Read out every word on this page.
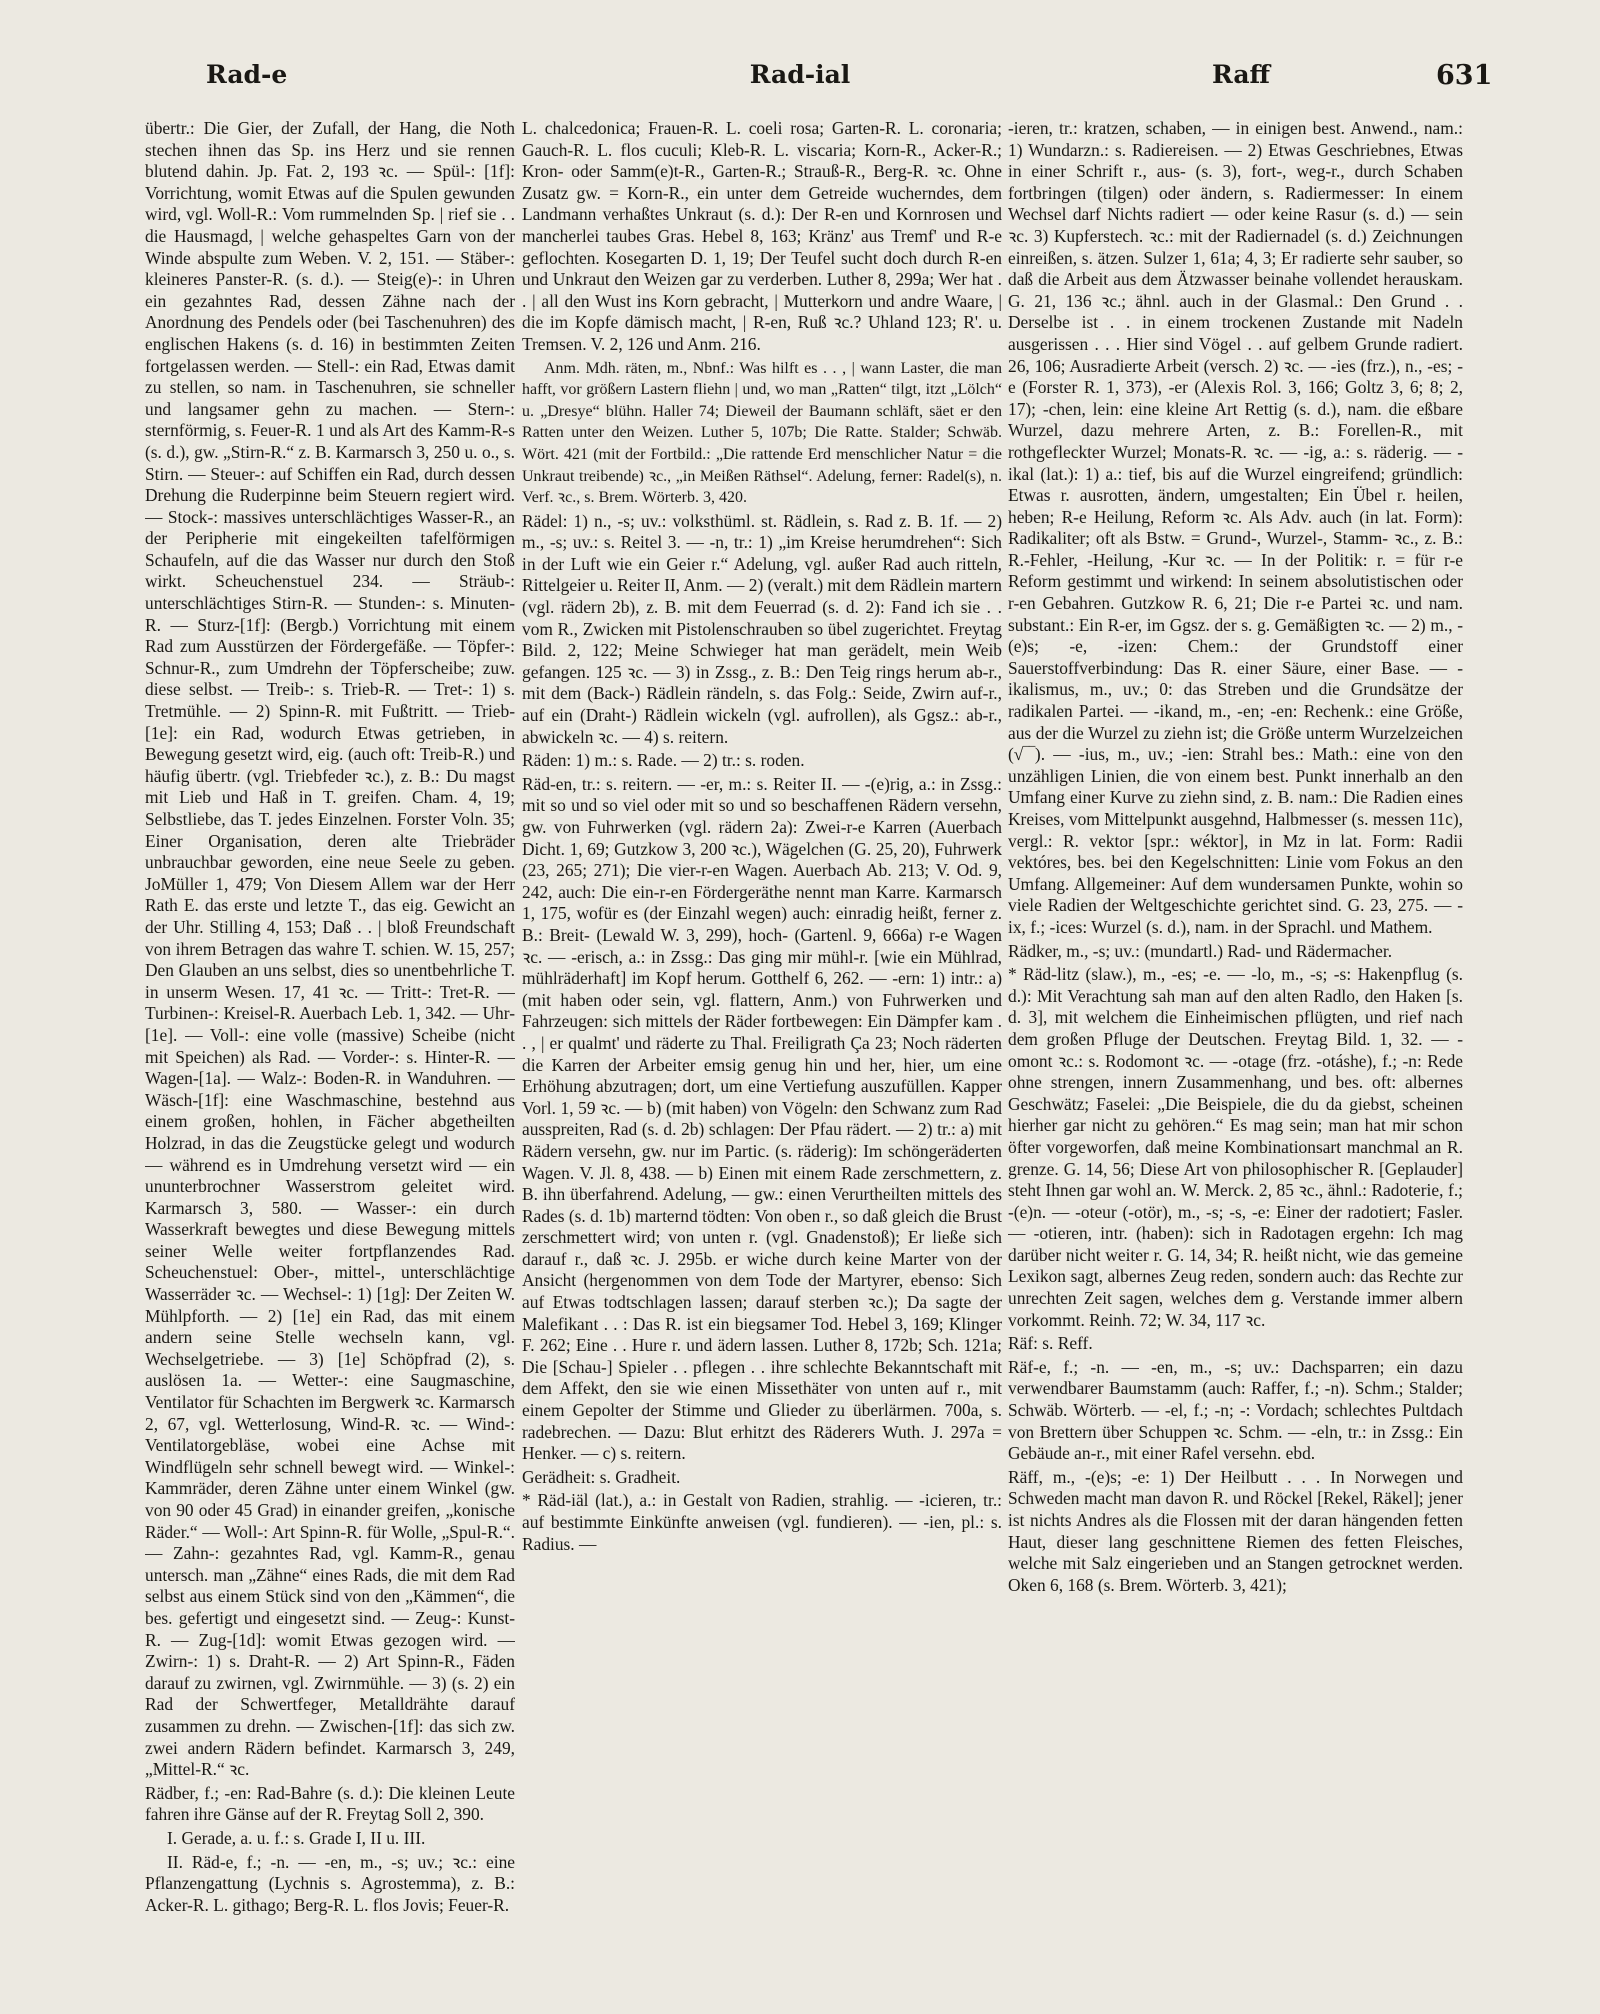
Rad-e	Rad-ial	Raff	631

übertr.: Die Gier, der Zufall, der Hang, die Noth stechen ihnen das Sp. ins Herz und sie rennen blutend dahin. Jp. Fat. 2, 193 ꝛc. — Spül-: [1f]: Vorrichtung, womit Etwas auf die Spulen gewunden wird, vgl. Woll-R.: Vom rummelnden Sp. | rief sie . . die Hausmagd, | welche gehaspeltes Garn von der Winde abspulte zum Weben. V. 2, 151. — Stäber-: kleineres Panster-R. (s. d.). — Steig(e)-: in Uhren ein gezahntes Rad, dessen Zähne nach der Anordnung des Pendels oder (bei Taschenuhren) des englischen Hakens (s. d. 16) in bestimmten Zeiten fortgelassen werden. — Stell-: ein Rad, Etwas damit zu stellen, so nam. in Taschenuhren, sie schneller und langsamer gehn zu machen. — Stern-: sternförmig, s. Feuer-R. 1 und als Art des Kamm-R-s (s. d.), gw. „Stirn-R.“ z. B. Karmarsch 3, 250 u. o., s. Stirn. — Steuer-: auf Schiffen ein Rad, durch dessen Drehung die Ruderpinne beim Steuern regiert wird. — Stock-: massives unterschlächtiges Wasser-R., an der Peripherie mit eingekeilten tafelförmigen Schaufeln, auf die das Wasser nur durch den Stoß wirkt. Scheuchenstuel 234. — Sträub-: unterschlächtiges Stirn-R. — Stunden-: s. Minuten-R. — Sturz-[1f]: (Bergb.) Vorrichtung mit einem Rad zum Ausstürzen der Fördergefäße. — Töpfer-: Schnur-R., zum Umdrehn der Töpferscheibe; zuw. diese selbst. — Treib-: s. Trieb-R. — Tret-: 1) s. Tretmühle. — 2) Spinn-R. mit Fußtritt. — Trieb-[1e]: ein Rad, wodurch Etwas getrieben, in Bewegung gesetzt wird, eig. (auch oft: Treib-R.) und häufig übertr. (vgl. Triebfeder ꝛc.), z. B.: Du magst mit Lieb und Haß in T. greifen. Cham. 4, 19; Selbstliebe, das T. jedes Einzelnen. Forster Voln. 35; Einer Organisation, deren alte Triebräder unbrauchbar geworden, eine neue Seele zu geben. JoMüller 1, 479; Von Diesem Allem war der Herr Rath E. das erste und letzte T., das eig. Gewicht an der Uhr. Stilling 4, 153; Daß . . | bloß Freundschaft von ihrem Betragen das wahre T. schien. W. 15, 257; Den Glauben an uns selbst, dies so unentbehrliche T. in unserm Wesen. 17, 41 ꝛc. — Tritt-: Tret-R. — Turbinen-: Kreisel-R. Auerbach Leb. 1, 342. — Uhr-[1e]. — Voll-: eine volle (massive) Scheibe (nicht mit Speichen) als Rad. — Vorder-: s. Hinter-R. — Wagen-[1a]. — Walz-: Boden-R. in Wanduhren. — Wäsch-[1f]: eine Waschmaschine, bestehnd aus einem großen, hohlen, in Fächer abgetheilten Holzrad, in das die Zeugstücke gelegt und wodurch — während es in Umdrehung versetzt wird — ein ununterbrochner Wasserstrom geleitet wird. Karmarsch 3, 580. — Wasser-: ein durch Wasserkraft bewegtes und diese Bewegung mittels seiner Welle weiter fortpflanzendes Rad. Scheuchenstuel: Ober-, mittel-, unterschlächtige Wasserräder ꝛc. — Wechsel-: 1) [1g]: Der Zeiten W. Mühlpforth. — 2) [1e] ein Rad, das mit einem andern seine Stelle wechseln kann, vgl. Wechselgetriebe. — 3) [1e] Schöpfrad (2), s. auslösen 1a. — Wetter-: eine Saugmaschine, Ventilator für Schachten im Bergwerk ꝛc. Karmarsch 2, 67, vgl. Wetterlosung, Wind-R. ꝛc. — Wind-: Ventilatorgebläse, wobei eine Achse mit Windflügeln sehr schnell bewegt wird. — Winkel-: Kammräder, deren Zähne unter einem Winkel (gw. von 90 oder 45 Grad) in einander greifen, „konische Räder.“ — Woll-: Art Spinn-R. für Wolle, „Spul-R.“. — Zahn-: gezahntes Rad, vgl. Kamm-R., genau untersch. man „Zähne“ eines Rads, die mit dem Rad selbst aus einem Stück sind von den „Kämmen“, die bes. gefertigt und eingesetzt sind. — Zeug-: Kunst-R. — Zug-[1d]: womit Etwas gezogen wird. — Zwirn-: 1) s. Draht-R. — 2) Art Spinn-R., Fäden darauf zu zwirnen, vgl. Zwirnmühle. — 3) (s. 2) ein Rad der Schwertfeger, Metalldrähte darauf zusammen zu drehn. — Zwischen-[1f]: das sich zw. zwei andern Rädern befindet. Karmarsch 3, 249, „Mittel-R.“ ꝛc.

Rädber, f.; -en: Rad-Bahre (s. d.): Die kleinen Leute fahren ihre Gänse auf der R. Freytag Soll 2, 390.

I. Gerade, a. u. f.: s. Grade I, II u. III.

II. Räd-e, f.; -n. — -en, m., -s; uv.; ꝛc.: eine Pflanzengattung (Lychnis s. Agrostemma), z. B.: Acker-R. L. githago; Berg-R. L. flos Jovis; Feuer-R.

L. chalcedonica; Frauen-R. L. coeli rosa; Garten-R. L. coronaria; Gauch-R. L. flos cuculi; Kleb-R. L. viscaria; Korn-R., Acker-R.; Kron- oder Samm(e)t-R., Garten-R.; Strauß-R., Berg-R. ꝛc. Ohne Zusatz gw. = Korn-R., ein unter dem Getreide wucherndes, dem Landmann verhaßtes Unkraut (s. d.): Der R-en und Kornrosen und mancherlei taubes Gras. Hebel 8, 163; Kränz' aus Tremf' und R-e geflochten. Kosegarten D. 1, 19; Der Teufel sucht doch durch R-en und Unkraut den Weizen gar zu verderben. Luther 8, 299a; Wer hat . . | all den Wust ins Korn gebracht, | Mutterkorn und andre Waare, | die im Kopfe dämisch macht, | R-en, Ruß ꝛc.? Uhland 123; R'. u. Tremsen. V. 2, 126 und Anm. 216.

Anm. Mdh. räten, m., Nbnf.: Was hilft es . . , | wann Laster, die man hafft, vor größern Lastern fliehn | und, wo man „Ratten“ tilgt, itzt „Lölch“ u. „Dresye“ blühn. Haller 74; Dieweil der Baumann schläft, säet er den Ratten unter den Weizen. Luther 5, 107b; Die Ratte. Stalder; Schwäb. Wört. 421 (mit der Fortbild.: „Die rattende Erd menschlicher Natur = die Unkraut treibende) ꝛc., „in Meißen Räthsel“. Adelung, ferner: Radel(s), n. Verf. ꝛc., s. Brem. Wörterb. 3, 420.

Rädel: 1) n., -s; uv.: volksthüml. st. Rädlein, s. Rad z. B. 1f. — 2) m., -s; uv.: s. Reitel 3. — -n, tr.: 1) „im Kreise herumdrehen“: Sich in der Luft wie ein Geier r.“ Adelung, vgl. außer Rad auch ritteln, Rittelgeier u. Reiter II, Anm. — 2) (veralt.) mit dem Rädlein martern (vgl. rädern 2b), z. B. mit dem Feuerrad (s. d. 2): Fand ich sie . . vom R., Zwicken mit Pistolenschrauben so übel zugerichtet. Freytag Bild. 2, 122; Meine Schwieger hat man gerädelt, mein Weib gefangen. 125 ꝛc. — 3) in Zssg., z. B.: Den Teig rings herum ab-r., mit dem (Back-) Rädlein rändeln, s. das Folg.: Seide, Zwirn auf-r., auf ein (Draht-) Rädlein wickeln (vgl. aufrollen), als Ggsz.: ab-r., abwickeln ꝛc. — 4) s. reitern.

Räden: 1) m.: s. Rade. — 2) tr.: s. roden.

Räd-en, tr.: s. reitern. — -er, m.: s. Reiter II. — -(e)rig, a.: in Zssg.: mit so und so viel oder mit so und so beschaffenen Rädern versehn, gw. von Fuhrwerken (vgl. rädern 2a): Zwei-r-e Karren (Auerbach Dicht. 1, 69; Gutzkow 3, 200 ꝛc.), Wägelchen (G. 25, 20), Fuhrwerk (23, 265; 271); Die vier-r-en Wagen. Auerbach Ab. 213; V. Od. 9, 242, auch: Die ein-r-en Fördergeräthe nennt man Karre. Karmarsch 1, 175, wofür es (der Einzahl wegen) auch: einradig heißt, ferner z. B.: Breit- (Lewald W. 3, 299), hoch- (Gartenl. 9, 666a) r-e Wagen ꝛc. — -erisch, a.: in Zssg.: Das ging mir mühl-r. [wie ein Mühlrad, mühlräderhaft] im Kopf herum. Gotthelf 6, 262. — -ern: 1) intr.: a) (mit haben oder sein, vgl. flattern, Anm.) von Fuhrwerken und Fahrzeugen: sich mittels der Räder fortbewegen: Ein Dämpfer kam . . , | er qualmt' und räderte zu Thal. Freiligrath Ça 23; Noch räderten die Karren der Arbeiter emsig genug hin und her, hier, um eine Erhöhung abzutragen; dort, um eine Vertiefung auszufüllen. Kapper Vorl. 1, 59 ꝛc. — b) (mit haben) von Vögeln: den Schwanz zum Rad ausspreiten, Rad (s. d. 2b) schlagen: Der Pfau rädert. — 2) tr.: a) mit Rädern versehn, gw. nur im Partic. (s. räderig): Im schöngeräderten Wagen. V. Jl. 8, 438. — b) Einen mit einem Rade zerschmettern, z. B. ihn überfahrend. Adelung, — gw.: einen Verurtheilten mittels des Rades (s. d. 1b) marternd tödten: Von oben r., so daß gleich die Brust zerschmettert wird; von unten r. (vgl. Gnadenstoß); Er ließe sich darauf r., daß ꝛc. J. 295b. er wiche durch keine Marter von der Ansicht (hergenommen von dem Tode der Martyrer, ebenso: Sich auf Etwas todtschlagen lassen; darauf sterben ꝛc.); Da sagte der Malefikant . . : Das R. ist ein biegsamer Tod. Hebel 3, 169; Klinger F. 262; Eine . . Hure r. und ädern lassen. Luther 8, 172b; Sch. 121a; Die [Schau-] Spieler . . pflegen . . ihre schlechte Bekanntschaft mit dem Affekt, den sie wie einen Missethäter von unten auf r., mit einem Gepolter der Stimme und Glieder zu überlärmen. 700a, s. radebrechen. — Dazu: Blut erhitzt des Räderers Wuth. J. 297a = Henker. — c) s. reitern.

Gerädheit: s. Gradheit.

* Räd-iäl (lat.), a.: in Gestalt von Radien, strahlig. — -icieren, tr.: auf bestimmte Einkünfte anweisen (vgl. fundieren). — -ien, pl.: s. Radius. —

-ieren, tr.: kratzen, schaben, — in einigen best. Anwend., nam.: 1) Wundarzn.: s. Radiereisen. — 2) Etwas Geschriebnes, Etwas in einer Schrift r., aus- (s. 3), fort-, weg-r., durch Schaben fortbringen (tilgen) oder ändern, s. Radiermesser: In einem Wechsel darf Nichts radiert — oder keine Rasur (s. d.) — sein ꝛc. 3) Kupferstech. ꝛc.: mit der Radiernadel (s. d.) Zeichnungen einreißen, s. ätzen. Sulzer 1, 61a; 4, 3; Er radierte sehr sauber, so daß die Arbeit aus dem Ätzwasser beinahe vollendet herauskam. G. 21, 136 ꝛc.; ähnl. auch in der Glasmal.: Den Grund . . Derselbe ist . . in einem trockenen Zustande mit Nadeln ausgerissen . . . Hier sind Vögel . . auf gelbem Grunde radiert. 26, 106; Ausradierte Arbeit (versch. 2) ꝛc. — -ies (frz.), n., -es; -e (Forster R. 1, 373), -er (Alexis Rol. 3, 166; Goltz 3, 6; 8; 2, 17); -chen, lein: eine kleine Art Rettig (s. d.), nam. die eßbare Wurzel, dazu mehrere Arten, z. B.: Forellen-R., mit rothgefleckter Wurzel; Monats-R. ꝛc. — -ig, a.: s. räderig. — -ikal (lat.): 1) a.: tief, bis auf die Wurzel eingreifend; gründlich: Etwas r. ausrotten, ändern, umgestalten; Ein Übel r. heilen, heben; R-e Heilung, Reform ꝛc. Als Adv. auch (in lat. Form): Radikaliter; oft als Bstw. = Grund-, Wurzel-, Stamm- ꝛc., z. B.: R.-Fehler, -Heilung, -Kur ꝛc. — In der Politik: r. = für r-e Reform gestimmt und wirkend: In seinem absolutistischen oder r-en Gebahren. Gutzkow R. 6, 21; Die r-e Partei ꝛc. und nam. substant.: Ein R-er, im Ggsz. der s. g. Gemäßigten ꝛc. — 2) m., -(e)s; -e, -izen: Chem.: der Grundstoff einer Sauerstoffverbindung: Das R. einer Säure, einer Base. — -ikalismus, m., uv.; 0: das Streben und die Grundsätze der radikalen Partei. — -ikand, m., -en; -en: Rechenk.: eine Größe, aus der die Wurzel zu ziehn ist; die Größe unterm Wurzelzeichen (√‾‾). — -ius, m., uv.; -ien: Strahl bes.: Math.: eine von den unzähligen Linien, die von einem best. Punkt innerhalb an den Umfang einer Kurve zu ziehn sind, z. B. nam.: Die Radien eines Kreises, vom Mittelpunkt ausgehnd, Halbmesser (s. messen 11c), vergl.: R. vektor [spr.: wéktor], in Mz in lat. Form: Radii vektóres, bes. bei den Kegelschnitten: Linie vom Fokus an den Umfang. Allgemeiner: Auf dem wundersamen Punkte, wohin so viele Radien der Weltgeschichte gerichtet sind. G. 23, 275. — -ix, f.; -ices: Wurzel (s. d.), nam. in der Sprachl. und Mathem.

Rädker, m., -s; uv.: (mundartl.) Rad- und Rädermacher.

* Räd-litz (slaw.), m., -es; -e. — -lo, m., -s; -s: Hakenpflug (s. d.): Mit Verachtung sah man auf den alten Radlo, den Haken [s. d. 3], mit welchem die Einheimischen pflügten, und rief nach dem großen Pfluge der Deutschen. Freytag Bild. 1, 32. — -omont ꝛc.: s. Rodomont ꝛc. — -otage (frz. -otáshe), f.; -n: Rede ohne strengen, innern Zusammenhang, und bes. oft: albernes Geschwätz; Faselei: „Die Beispiele, die du da giebst, scheinen hierher gar nicht zu gehören.“ Es mag sein; man hat mir schon öfter vorgeworfen, daß meine Kombinationsart manchmal an R. grenze. G. 14, 56; Diese Art von philosophischer R. [Geplauder] steht Ihnen gar wohl an. W. Merck. 2, 85 ꝛc., ähnl.: Radoterie, f.; -(e)n. — -oteur (-otör), m., -s; -s, -e: Einer der radotiert; Fasler. — -otieren, intr. (haben): sich in Radotagen ergehn: Ich mag darüber nicht weiter r. G. 14, 34; R. heißt nicht, wie das gemeine Lexikon sagt, albernes Zeug reden, sondern auch: das Rechte zur unrechten Zeit sagen, welches dem g. Verstande immer albern vorkommt. Reinh. 72; W. 34, 117 ꝛc.

Räf: s. Reff.

Räf-e, f.; -n. — -en, m., -s; uv.: Dachsparren; ein dazu verwendbarer Baumstamm (auch: Raffer, f.; -n). Schm.; Stalder; Schwäb. Wörterb. — -el, f.; -n; -: Vordach; schlechtes Pultdach von Brettern über Schuppen ꝛc. Schm. — -eln, tr.: in Zssg.: Ein Gebäude an-r., mit einer Rafel versehn. ebd.

Räff, m., -(e)s; -e: 1) Der Heilbutt . . . In Norwegen und Schweden macht man davon R. und Röckel [Rekel, Räkel]; jener ist nichts Andres als die Flossen mit der daran hängenden fetten Haut, dieser lang geschnittene Riemen des fetten Fleisches, welche mit Salz eingerieben und an Stangen getrocknet werden. Oken 6, 168 (s. Brem. Wörterb. 3, 421);
